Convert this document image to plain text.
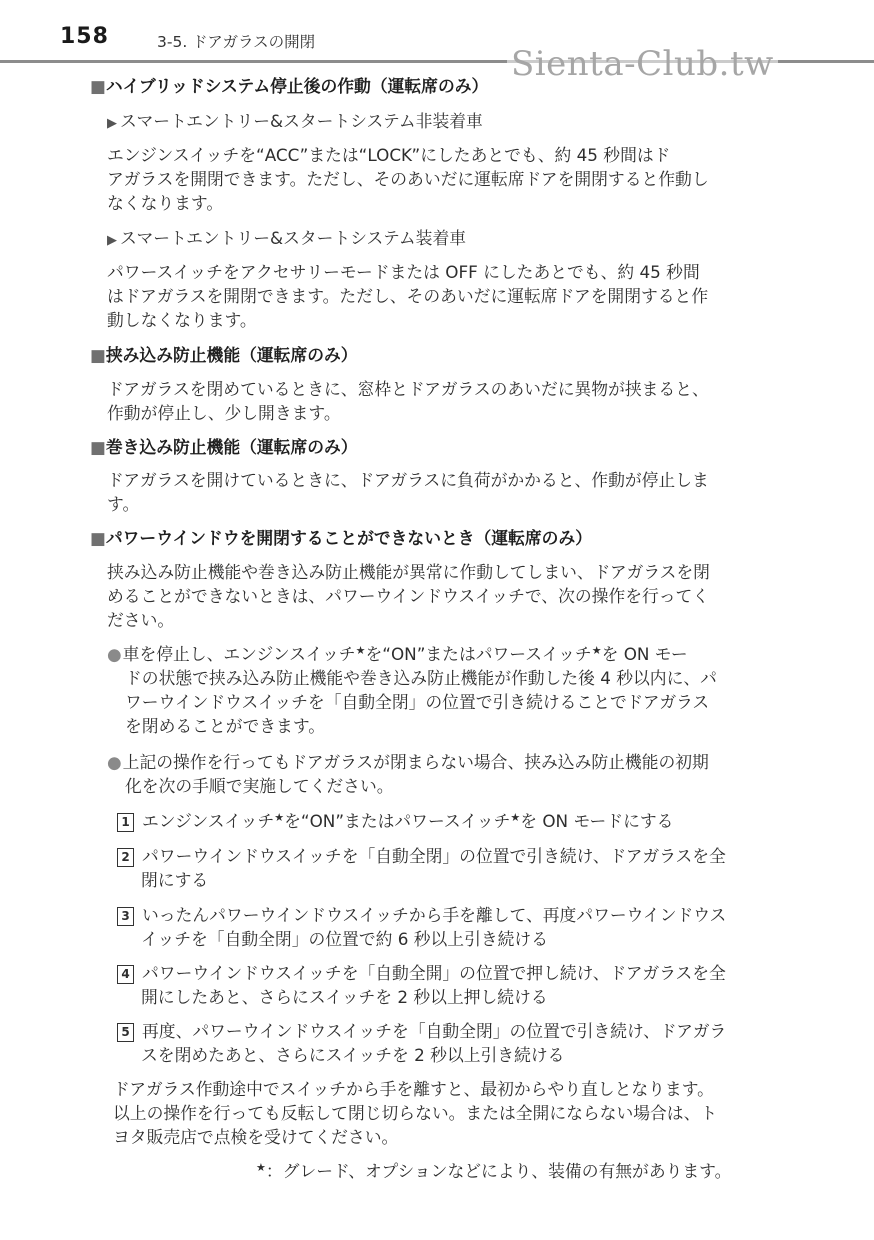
158	3-5. ドアガラスの開閉
■ハイブリッドシステム停止後の作動（運転席のみ）
Sienta-Club.tw
▶ スマートエントリー&スタートシステム非装着車
エンジンスイッチを“ACC”または“LOCK”にしたあとでも、約 45 秒間はド
アガラスを開閉できます。ただし、そのあいだに運転席ドアを開閉すると作動し
なくなります。
▶ スマートエントリー&スタートシステム装着車
パワースイッチをアクセサリーモードまたは OFF にしたあとでも、約 45 秒間
はドアガラスを開閉できます。ただし、そのあいだに運転席ドアを開閉すると作
動しなくなります。
■挟み込み防止機能（運転席のみ）
ドアガラスを閉めているときに、窓枠とドアガラスのあいだに異物が挟まると、
作動が停止し、少し開きます。
■巻き込み防止機能（運転席のみ）
ドアガラスを開けているときに、ドアガラスに負荷がかかると、作動が停止しま
す。
■パワーウインドウを開閉することができないとき（運転席のみ）
挟み込み防止機能や巻き込み防止機能が異常に作動してしまい、ドアガラスを閉
めることができないときは、パワーウインドウスイッチで、次の操作を行ってく
ださい。
●車を停止し、エンジンスイッチ★を“ON”またはパワースイッチ★を ON モー
ドの状態で挟み込み防止機能や巻き込み防止機能が作動した後 4 秒以内に、パ
ワーウインドウスイッチを「自動全閉」の位置で引き続けることでドアガラス
を閉めることができます。
●上記の操作を行ってもドアガラスが閉まらない場合、挟み込み防止機能の初期
化を次の手順で実施してください。
1 エンジンスイッチ★を“ON”またはパワースイッチ★を ON モードにする
2 パワーウインドウスイッチを「自動全閉」の位置で引き続け、ドアガラスを全
閉にする
3 いったんパワーウインドウスイッチから手を離して、再度パワーウインドウス
イッチを「自動全閉」の位置で約 6 秒以上引き続ける
4 パワーウインドウスイッチを「自動全開」の位置で押し続け、ドアガラスを全
開にしたあと、さらにスイッチを 2 秒以上押し続ける
5 再度、パワーウインドウスイッチを「自動全閉」の位置で引き続け、ドアガラ
スを閉めたあと、さらにスイッチを 2 秒以上引き続ける
ドアガラス作動途中でスイッチから手を離すと、最初からやり直しとなります。
以上の操作を行っても反転して閉じ切らない。または全開にならない場合は、ト
ヨタ販売店で点検を受けてください。
★：グレード、オプションなどにより、装備の有無があります。
